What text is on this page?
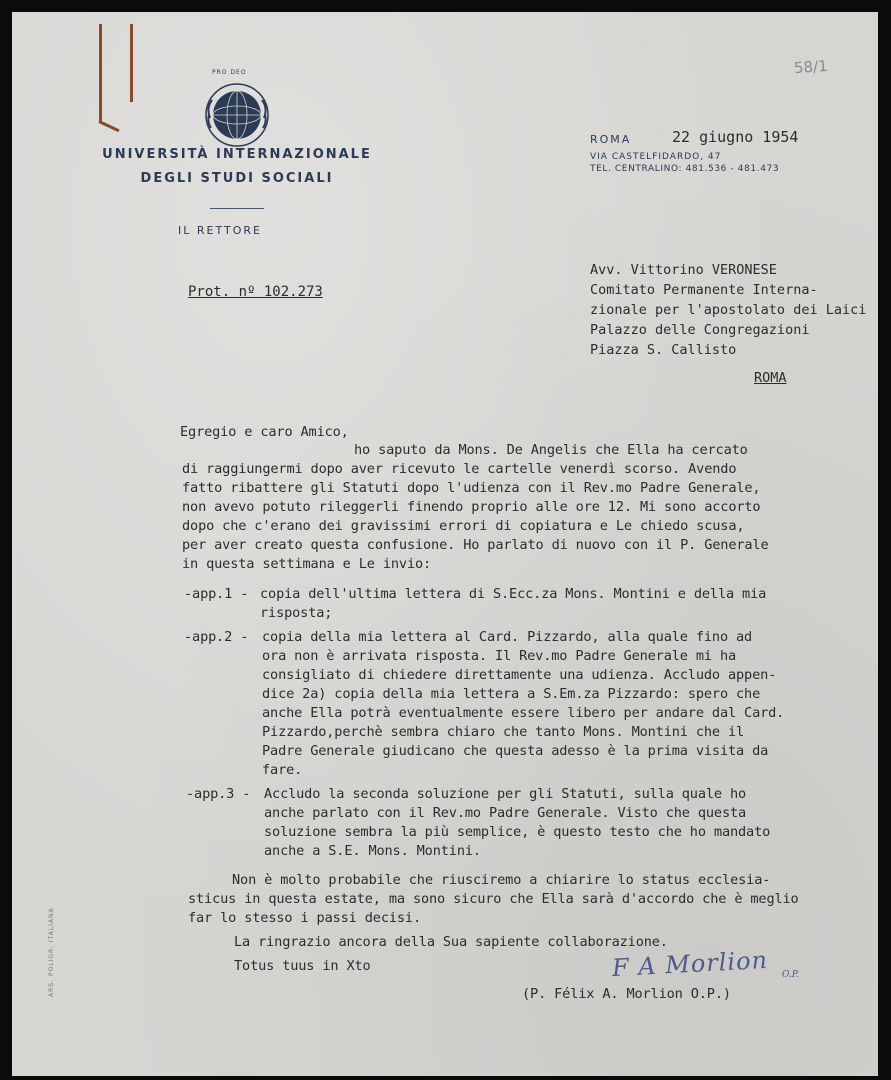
58/1
PRO DEO
UNIVERSITÀ INTERNAZIONALE
DEGLI STUDI SOCIALI
IL RETTORE
ROMA	22 giugno 1954
VIA CASTELFIDARDO, 47
TEL. CENTRALINO: 481.536 - 481.473
Prot. nº 102.273
Avv. Vittorino VERONESE
Comitato Permanente Interna-
zionale per l'apostolato dei Laici
Palazzo delle Congregazioni
Piazza S. Callisto
ROMA
Egregio e caro Amico,
ho saputo da Mons. De Angelis che Ella ha cercato
di raggiungermi dopo aver ricevuto le cartelle venerdì scorso. Avendo
fatto ribattere gli Statuti dopo l'udienza con il Rev.mo Padre Generale,
non avevo potuto rileggerli finendo proprio alle ore 12. Mi sono accorto
dopo che c'erano dei gravissimi errori di copiatura e Le chiedo scusa,
per aver creato questa confusione. Ho parlato di nuovo con il P. Generale
in questa settimana e Le invio:
-app.1 - copia dell'ultima lettera di S.Ecc.za Mons. Montini e della mia
risposta;
-app.2 - copia della mia lettera al Card. Pizzardo, alla quale fino ad
ora non è arrivata risposta. Il Rev.mo Padre Generale mi ha
consigliato di chiedere direttamente una udienza. Accludo appen-
dice 2a) copia della mia lettera a S.Em.za Pizzardo: spero che
anche Ella potrà eventualmente essere libero per andare dal Card.
Pizzardo,perchè sembra chiaro che tanto Mons. Montini che il
Padre Generale giudicano che questa adesso è la prima visita da
fare.
-app.3 - Accludo la seconda soluzione per gli Statuti, sulla quale ho
anche parlato con il Rev.mo Padre Generale. Visto che questa
soluzione sembra la più semplice, è questo testo che ho mandato
anche a S.E. Mons. Montini.
Non è molto probabile che riusciremo a chiarire lo status ecclesia-
sticus in questa estate, ma sono sicuro che Ella sarà d'accordo che è meglio
far lo stesso i passi decisi.
La ringrazio ancora della Sua sapiente collaborazione.
Totus tuus in Xto	F A Morlion O.P.
(P. Félix A. Morlion O.P.)
ARS. POLIGR. ITALIANA
